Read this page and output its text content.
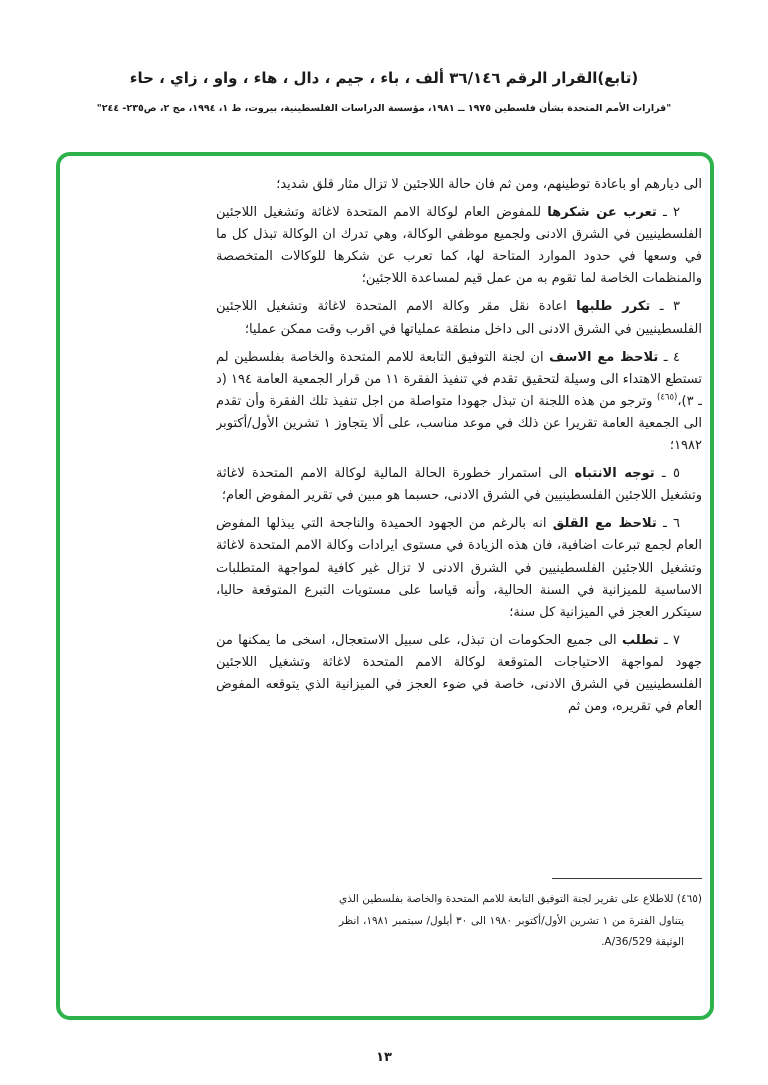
(تابع)القرار الرقم ٣٦/١٤٦ ألف ، باء ، جيم ، دال ، هاء ، واو ، زاي ، حاء
"قرارات الأمم المتحدة بشأن فلسطين ١٩٧٥ ــ ١٩٨١، مؤسسة الدراسات الفلسطينية، بيروت، ط ١، ١٩٩٤، مج ٢، ص٢٣٥- ٢٤٤"

الى ديارهم او باعادة توطينهم، ومن ثم فان حالة اللاجئين لا تزال مثار قلق شديد؛

٢ ـ تعرب عن شكرها للمفوض العام لوكالة الامم المتحدة لاغاثة وتشغيل اللاجئين الفلسطينيين في الشرق الادنى ولجميع موظفي الوكالة، وهي تدرك ان الوكالة تبذل كل ما في وسعها في حدود الموارد المتاحة لها، كما تعرب عن شكرها للوكالات المتخصصة والمنظمات الخاصة لما تقوم به من عمل قيم لمساعدة اللاجئين؛

٣ ـ تكرر طلبها اعادة نقل مقر وكالة الامم المتحدة لاغاثة وتشغيل اللاجئين الفلسطينيين في الشرق الادنى الى داخل منطقة عملياتها في اقرب وقت ممكن عمليا؛

٤ ـ تلاحظ مع الاسف ان لجنة التوفيق التابعة للامم المتحدة والخاصة بفلسطين لم تستطع الاهتداء الى وسيلة لتحقيق تقدم في تنفيذ الفقرة ١١ من قرار الجمعية العامة ١٩٤ (د ـ ٣)،$^{(٤٦٥)}$ وترجو من هذه اللجنة ان تبذل جهودا متواصلة من اجل تنفيذ تلك الفقرة وأن تقدم الى الجمعية العامة تقريرا عن ذلك في موعد مناسب، على ألا يتجاوز ١ تشرين الأول/أكتوبر ١٩٨٢؛

٥ ـ توجه الانتباه الى استمرار خطورة الحالة المالية لوكالة الامم المتحدة لاغاثة وتشغيل اللاجئين الفلسطينيين في الشرق الادنى، حسبما هو مبين في تقرير المفوض العام؛

٦ ـ تلاحظ مع القلق انه بالرغم من الجهود الحميدة والناجحة التي يبذلها المفوض العام لجمع تبرعات اضافية، فان هذه الزيادة في مستوى ايرادات وكالة الامم المتحدة لاغاثة وتشغيل اللاجئين الفلسطينيين في الشرق الادنى لا تزال غير كافية لمواجهة المتطلبات الاساسية للميزانية في السنة الحالية، وأنه قياسا على مستويات التبرع المتوقعة حاليا، سيتكرر العجز في الميزانية كل سنة؛

٧ ـ تطلب الى جميع الحكومات ان تبذل، على سبيل الاستعجال، اسخى ما يمكنها من جهود لمواجهة الاحتياجات المتوقعة لوكالة الامم المتحدة لاغاثة وتشغيل اللاجئين الفلسطينيين في الشرق الادنى، خاصة في ضوء العجز في الميزانية الذي يتوقعه المفوض العام في تقريره، ومن ثم

(٤٦٥) للاطلاع على تقرير لجنة التوفيق التابعة للامم المتحدة والخاصة بفلسطين الذي يتناول الفترة من ١ تشرين الأول/أكتوبر ١٩٨٠ الى ٣٠ أيلول/ سبتمبر ١٩٨١، انظر الوثيقة A/36/529.

١٣
